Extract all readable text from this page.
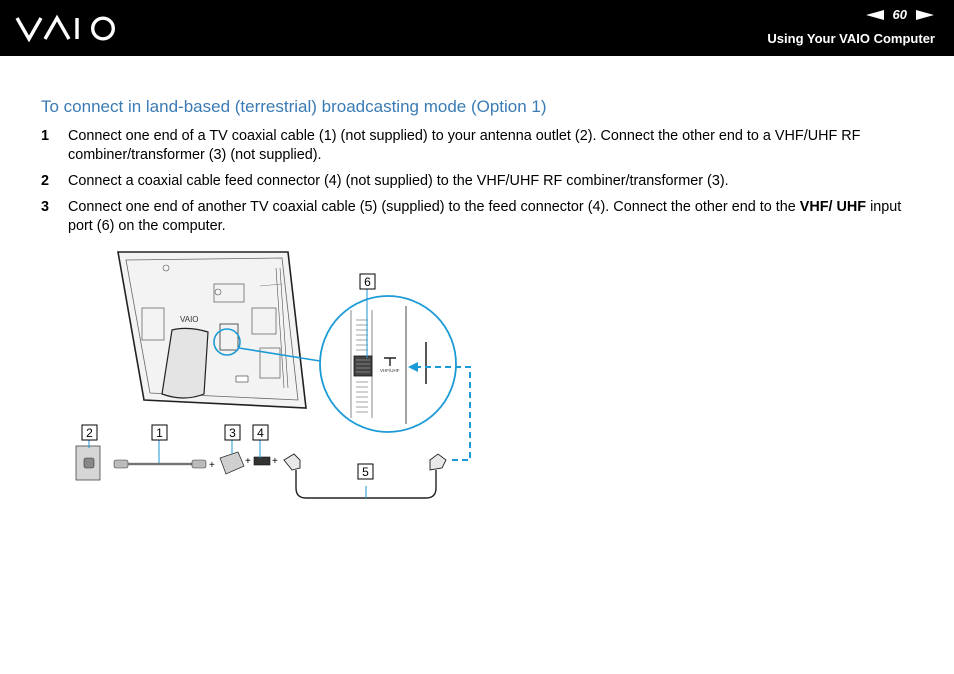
60
Using Your VAIO Computer
To connect in land-based (terrestrial) broadcasting mode (Option 1)
1	Connect one end of a TV coaxial cable (1) (not supplied) to your antenna outlet (2). Connect the other end to a VHF/UHF RF combiner/transformer (3) (not supplied).
2	Connect a coaxial cable feed connector (4) (not supplied) to the VHF/UHF RF combiner/transformer (3).
3	Connect one end of another TV coaxial cable (5) (supplied) to the feed connector (4). Connect the other end to the VHF/ UHF input port (6) on the computer.
VAIO
VHF/UHF
+	+ +
2	1	3 4
5
6
